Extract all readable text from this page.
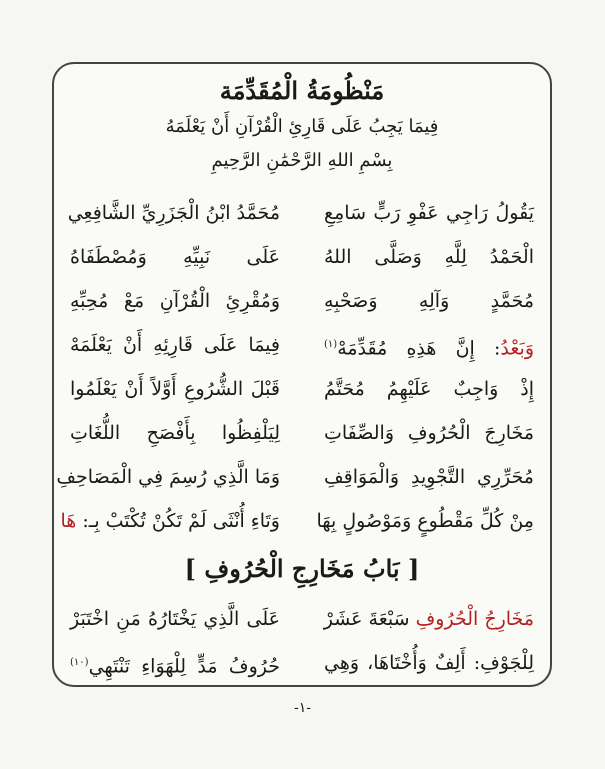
مَنْظُومَةُ الْمُقَدِّمَة
فِيمَا يَجِبُ عَلَى قَارِئِ الْقُرْآنِ أَنْ يَعْلَمَهُ
بِسْمِ اللهِ الرَّحْمَٰنِ الرَّحِيمِ
يَقُولُ رَاجِي عَفْوِ رَبٍّ سَامِعِ
مُحَمَّدُ ابْنُ الْجَزَرِيِّ الشَّافِعِي
الْحَمْدُ لِلَّهِ وَصَلَّى اللهُ
عَلَى نَبِيِّهِ وَمُصْطَفَاهُ
مُحَمَّدٍ وَآلِهِ وَصَحْبِهِ
وَمُقْرِئِ الْقُرْآنِ مَعْ مُحِبِّهِ
وَبَعْدُ: إِنَّ هَذِهِ مُقَدِّمَهْ$^{(١)}$
فِيمَا عَلَى قَارِئِهِ أَنْ يَعْلَمَهْ
إِذْ وَاجِبٌ عَلَيْهِمُ مُحَتَّمُ
قَبْلَ الشُّرُوعِ أَوَّلاً أَنْ يَعْلَمُوا
مَخَارِجَ الْحُرُوفِ وَالصِّفَاتِ
لِيَلْفِظُوا بِأَفْصَحِ اللُّغَاتِ
مُحَرِّرِي التَّجْوِيدِ وَالْمَوَاقِفِ
وَمَا الَّذِي رُسِمَ فِي الْمَصَاحِفِ
مِنْ كُلِّ مَقْطُوعٍ وَمَوْصُولٍ بِهَا
وَتَاءِ أُنْثَى لَمْ تَكُنْ تُكْتَبْ بِـ: هَا
[ بَابُ مَخَارِجِ الْحُرُوفِ ]
مَخَارِجُ الْحُرُوفِ سَبْعَةَ عَشَرْ
عَلَى الَّذِي يَخْتَارُهُ مَنِ اخْتَبَرْ
لِلْجَوْفِ: أَلِفٌ وَأُخْتَاهَا، وَهِي
حُرُوفُ مَدٍّ لِلْهَوَاءِ تَنْتَهِي$^{(١٠)}$
-١-
